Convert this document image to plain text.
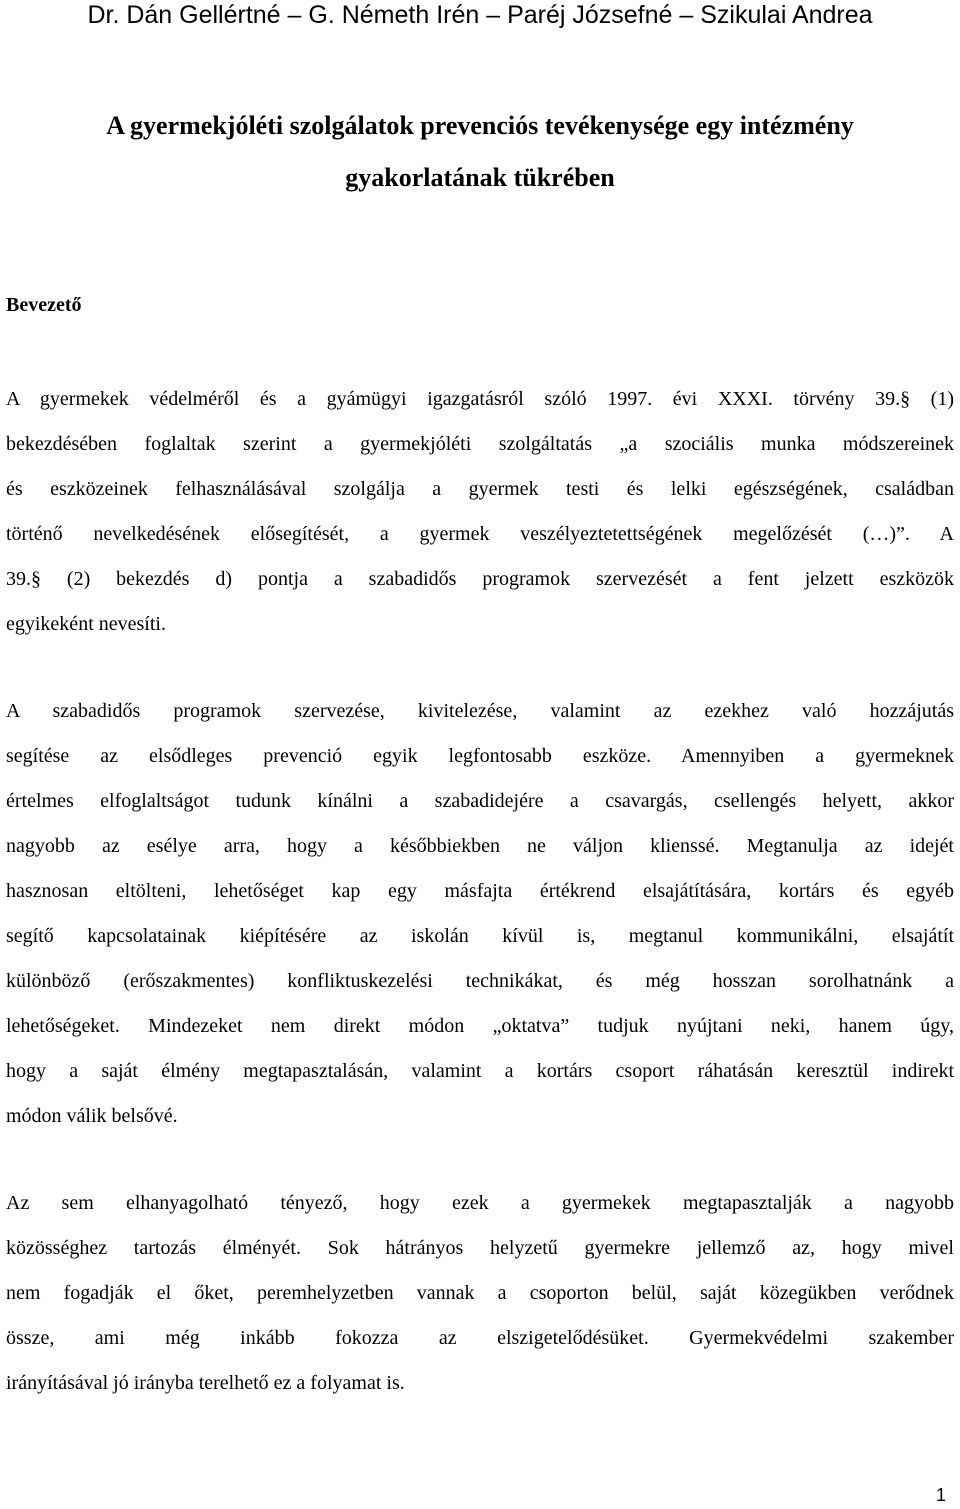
Dr. Dán Gellértné – G. Németh Irén – Paréj Józsefné – Szikulai Andrea
A gyermekjóléti szolgálatok prevenciós tevékenysége egy intézmény
gyakorlatának tükrében
Bevezető
A gyermekek védelméről és a gyámügyi igazgatásról szóló 1997. évi XXXI. törvény 39.§ (1)
bekezdésében foglaltak szerint a gyermekjóléti szolgáltatás „a szociális munka módszereinek
és eszközeinek felhasználásával szolgálja a gyermek testi és lelki egészségének, családban
történő nevelkedésének elősegítését, a gyermek veszélyeztetettségének megelőzését (…)”. A
39.§ (2) bekezdés d) pontja a szabadidős programok szervezését a fent jelzett eszközök
egyikeként nevesíti.
A szabadidős programok szervezése, kivitelezése, valamint az ezekhez való hozzájutás
segítése az elsődleges prevenció egyik legfontosabb eszköze. Amennyiben a gyermeknek
értelmes elfoglaltságot tudunk kínálni a szabadidejére a csavargás, csellengés helyett, akkor
nagyobb az esélye arra, hogy a későbbiekben ne váljon klienssé. Megtanulja az idejét
hasznosan eltölteni, lehetőséget kap egy másfajta értékrend elsajátítására, kortárs és egyéb
segítő kapcsolatainak kiépítésére az iskolán kívül is, megtanul kommunikálni, elsajátít
különböző (erőszakmentes) konfliktuskezelési technikákat, és még hosszan sorolhatnánk a
lehetőségeket. Mindezeket nem direkt módon „oktatva” tudjuk nyújtani neki, hanem úgy,
hogy a saját élmény megtapasztalásán, valamint a kortárs csoport ráhatásán keresztül indirekt
módon válik belsővé.
Az sem elhanyagolható tényező, hogy ezek a gyermekek megtapasztalják a nagyobb
közösséghez tartozás élményét. Sok hátrányos helyzetű gyermekre jellemző az, hogy mivel
nem fogadják el őket, peremhelyzetben vannak a csoporton belül, saját közegükben verődnek
össze, ami még inkább fokozza az elszigetelődésüket. Gyermekvédelmi szakember
irányításával jó irányba terelhető ez a folyamat is.
1
